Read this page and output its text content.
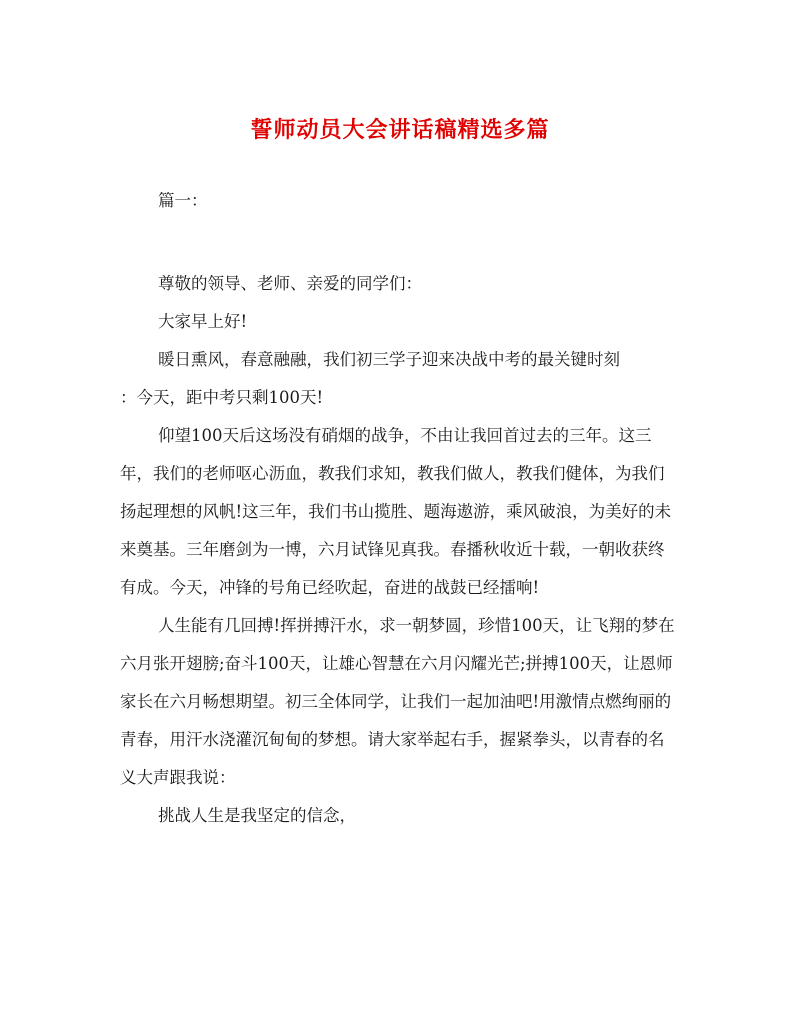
誓师动员大会讲话稿精选多篇
篇一：

尊敬的领导、老师、亲爱的同学们：

大家早上好!

暖日熏风，春意融融，我们初三学子迎来决战中考的最关键时刻

：今天，距中考只剩100天!

仰望100天后这场没有硝烟的战争，不由让我回首过去的三年。这三年，我们的老师呕心沥血，教我们求知，教我们做人，教我们健体，为我们扬起理想的风帆!这三年，我们书山揽胜、题海遨游，乘风破浪，为美好的未来奠基。三年磨剑为一博，六月试锋见真我。春播秋收近十载，一朝收获终有成。今天，冲锋的号角已经吹起，奋进的战鼓已经擂响!

人生能有几回搏!挥拼搏汗水，求一朝梦圆，珍惜100天，让飞翔的梦在六月张开翅膀;奋斗100天，让雄心智慧在六月闪耀光芒;拼搏100天，让恩师家长在六月畅想期望。初三全体同学，让我们一起加油吧!用激情点燃绚丽的青春，用汗水浇灌沉甸甸的梦想。请大家举起右手，握紧拳头，以青春的名义大声跟我说：

挑战人生是我坚定的信念，
